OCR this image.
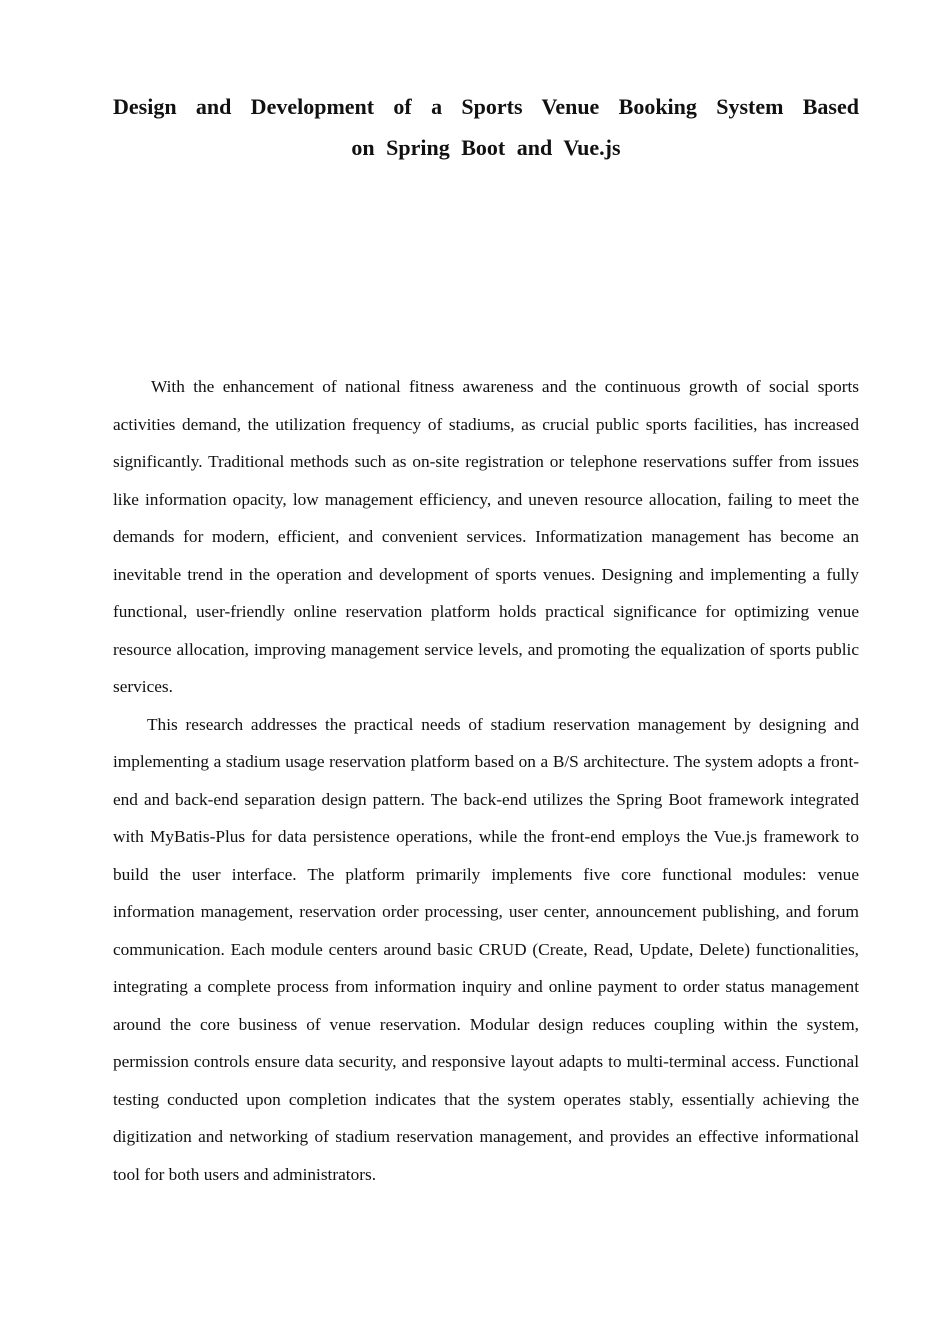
Design and Development of a Sports Venue Booking System Based
on Spring Boot and Vue.js

With the enhancement of national fitness awareness and the continuous growth of social sports activities demand, the utilization frequency of stadiums, as crucial public sports facilities, has increased significantly. Traditional methods such as on-site registration or telephone reservations suffer from issues like information opacity, low management efficiency, and uneven resource allocation, failing to meet the demands for modern, efficient, and convenient services. Informatization management has become an inevitable trend in the operation and development of sports venues. Designing and implementing a fully functional, user-friendly online reservation platform holds practical significance for optimizing venue resource allocation, improving management service levels, and promoting the equalization of sports public services.

This research addresses the practical needs of stadium reservation management by designing and implementing a stadium usage reservation platform based on a B/S architecture. The system adopts a front-end and back-end separation design pattern. The back-end utilizes the Spring Boot framework integrated with MyBatis-Plus for data persistence operations, while the front-end employs the Vue.js framework to build the user interface. The platform primarily implements five core functional modules: venue information management, reservation order processing, user center, announcement publishing, and forum communication. Each module centers around basic CRUD (Create, Read, Update, Delete) functionalities, integrating a complete process from information inquiry and online payment to order status management around the core business of venue reservation. Modular design reduces coupling within the system, permission controls ensure data security, and responsive layout adapts to multi-terminal access. Functional testing conducted upon completion indicates that the system operates stably, essentially achieving the digitization and networking of stadium reservation management, and provides an effective informational tool for both users and administrators.
